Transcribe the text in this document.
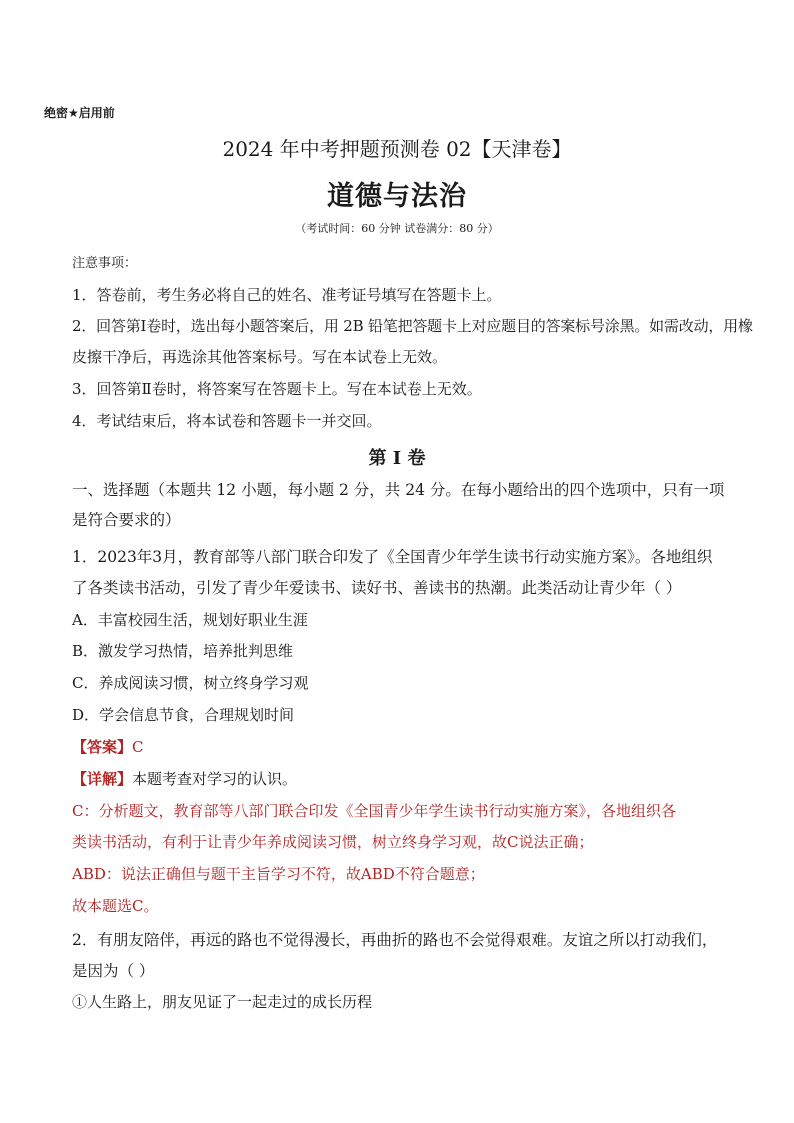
绝密★启用前
2024 年中考押题预测卷 02【天津卷】
道德与法治
（考试时间：60 分钟 试卷满分：80 分）
注意事项：
1．答卷前，考生务必将自己的姓名、准考证号填写在答题卡上。
2．回答第Ⅰ卷时，选出每小题答案后，用 2B 铅笔把答题卡上对应题目的答案标号涂黑。如需改动，用橡
皮擦干净后，再选涂其他答案标号。写在本试卷上无效。
3．回答第Ⅱ卷时，将答案写在答题卡上。写在本试卷上无效。
4．考试结束后，将本试卷和答题卡一并交回。
第 I 卷
一、选择题（本题共 12 小题，每小题 2 分，共 24 分。在每小题给出的四个选项中，只有一项
是符合要求的）
1．2023年3月，教育部等八部门联合印发了《全国青少年学生读书行动实施方案》。各地组织
了各类读书活动，引发了青少年爱读书、读好书、善读书的热潮。此类活动让青少年（ ）
A．丰富校园生活，规划好职业生涯
B．激发学习热情，培养批判思维
C．养成阅读习惯，树立终身学习观
D．学会信息节食，合理规划时间
【答案】C
【详解】本题考查对学习的认识。
C：分析题文，教育部等八部门联合印发《全国青少年学生读书行动实施方案》，各地组织各
类读书活动，有利于让青少年养成阅读习惯，树立终身学习观，故C说法正确；
ABD：说法正确但与题干主旨学习不符，故ABD不符合题意；
故本题选C。
2．有朋友陪伴，再远的路也不觉得漫长，再曲折的路也不会觉得艰难。友谊之所以打动我们，
是因为（ ）
①人生路上，朋友见证了一起走过的成长历程
